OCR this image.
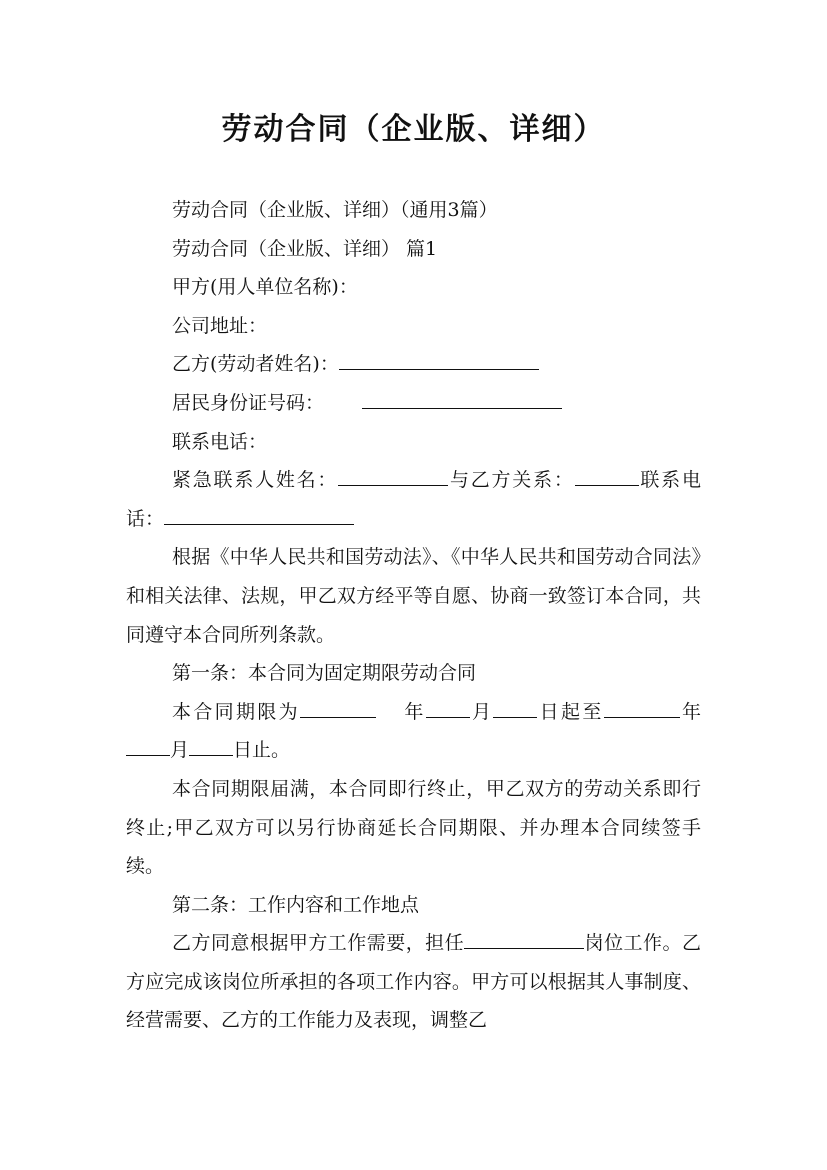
劳动合同（企业版、详细）

劳动合同（企业版、详细）（通用3篇）

劳动合同（企业版、详细） 篇1

甲方(用人单位名称)：

公司地址：

乙方(劳动者姓名)：

居民身份证号码：

联系电话：

紧急联系人姓名：	与乙方关系：	联系电话：

根据《中华人民共和国劳动法》、《中华人民共和国劳动合同法》和相关法律、法规，甲乙双方经平等自愿、协商一致签订本合同，共同遵守本合同所列条款。

第一条：本合同为固定期限劳动合同

本合同期限为	年 月 日起至	年月 日止。

本合同期限届满，本合同即行终止，甲乙双方的劳动关系即行终止;甲乙双方可以另行协商延长合同期限、并办理本合同续签手续。

第二条：工作内容和工作地点

乙方同意根据甲方工作需要，担任	岗位工作。乙方应完成该岗位所承担的各项工作内容。甲方可以根据其人事制度、经营需要、乙方的工作能力及表现，调整乙
